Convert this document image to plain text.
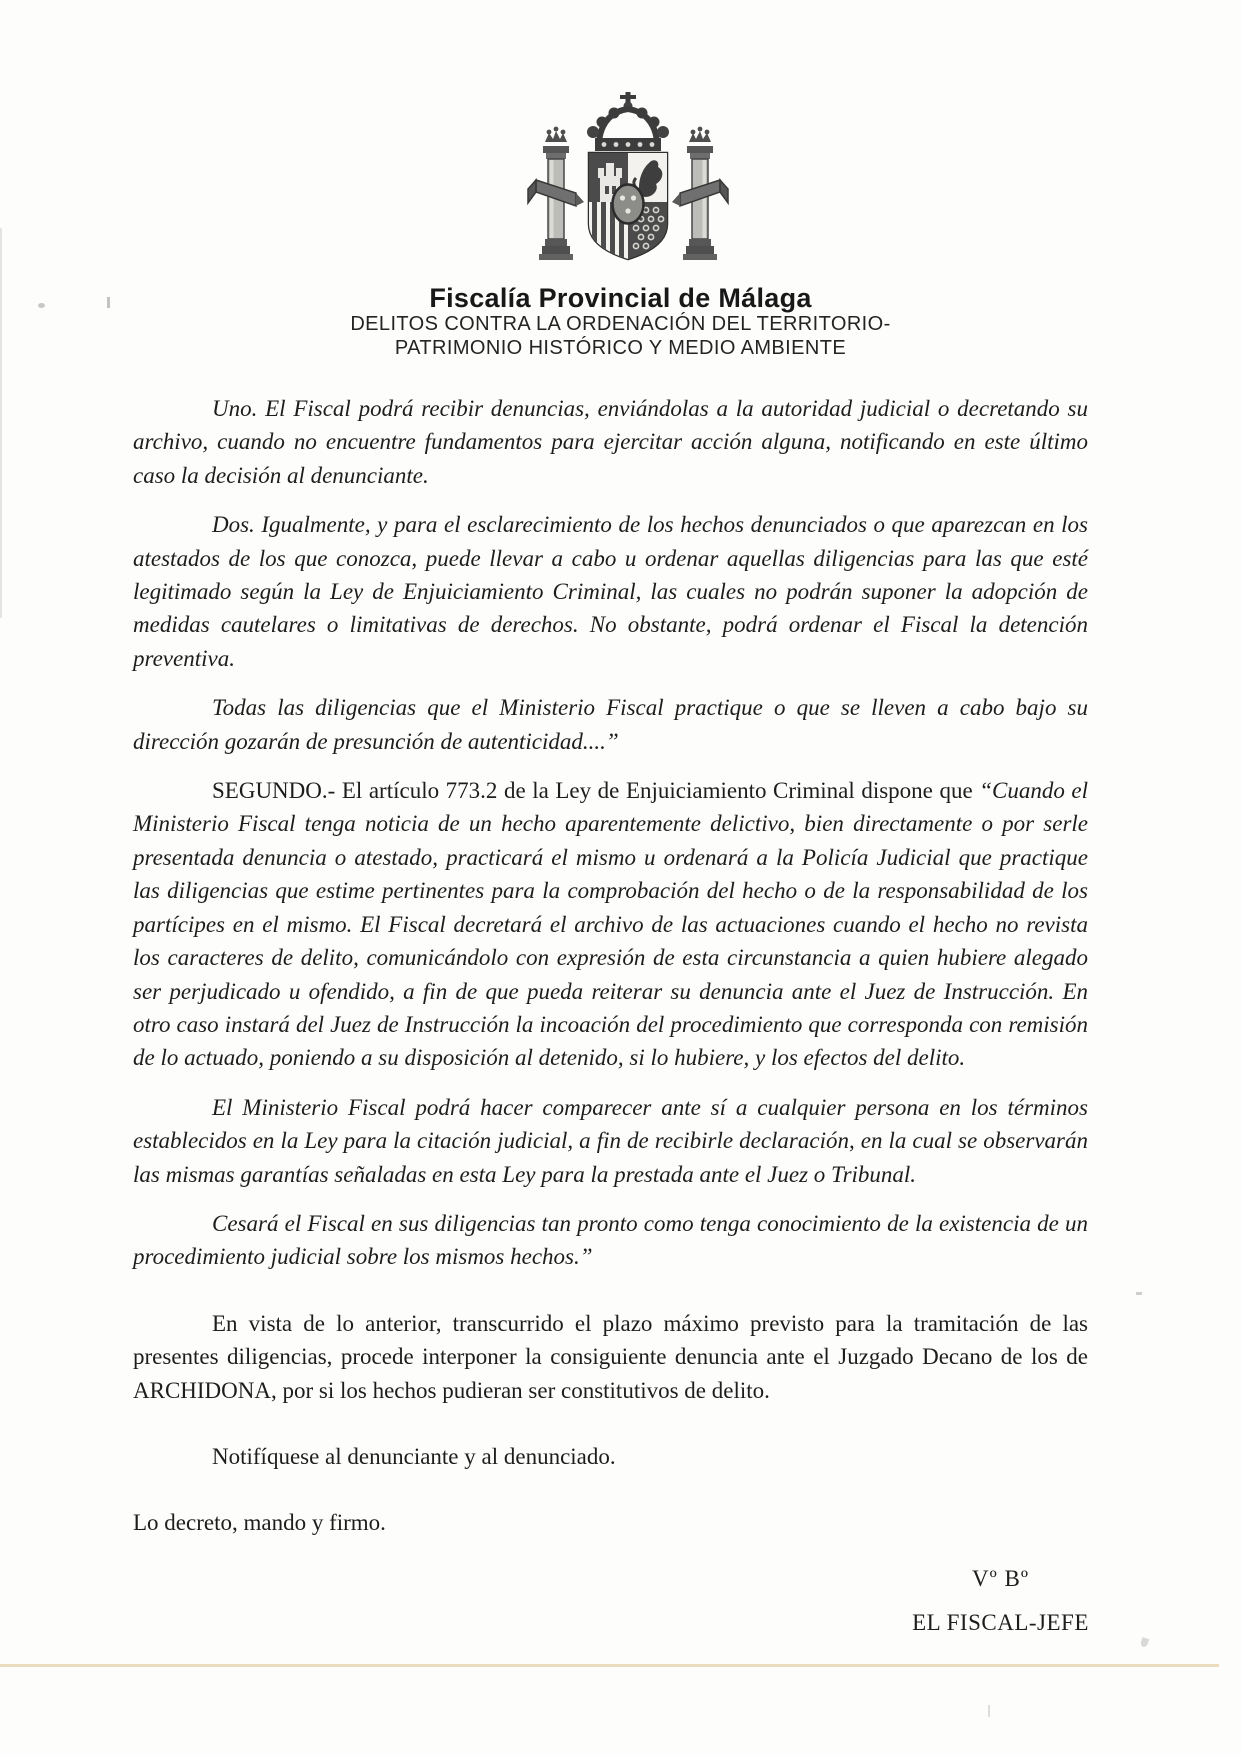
Fiscalía Provincial de Málaga
DELITOS CONTRA LA ORDENACIÓN DEL TERRITORIO-
PATRIMONIO HISTÓRICO Y MEDIO AMBIENTE

Uno. El Fiscal podrá recibir denuncias, enviándolas a la autoridad judicial o decretando su archivo, cuando no encuentre fundamentos para ejercitar acción alguna, notificando en este último caso la decisión al denunciante.

Dos. Igualmente, y para el esclarecimiento de los hechos denunciados o que aparezcan en los atestados de los que conozca, puede llevar a cabo u ordenar aquellas diligencias para las que esté legitimado según la Ley de Enjuiciamiento Criminal, las cuales no podrán suponer la adopción de medidas cautelares o limitativas de derechos. No obstante, podrá ordenar el Fiscal la detención preventiva.

Todas las diligencias que el Ministerio Fiscal practique o que se lleven a cabo bajo su dirección gozarán de presunción de autenticidad....”

SEGUNDO.- El artículo 773.2 de la Ley de Enjuiciamiento Criminal dispone que “Cuando el Ministerio Fiscal tenga noticia de un hecho aparentemente delictivo, bien directamente o por serle presentada denuncia o atestado, practicará el mismo u ordenará a la Policía Judicial que practique las diligencias que estime pertinentes para la comprobación del hecho o de la responsabilidad de los partícipes en el mismo. El Fiscal decretará el archivo de las actuaciones cuando el hecho no revista los caracteres de delito, comunicándolo con expresión de esta circunstancia a quien hubiere alegado ser perjudicado u ofendido, a fin de que pueda reiterar su denuncia ante el Juez de Instrucción. En otro caso instará del Juez de Instrucción la incoación del procedimiento que corresponda con remisión de lo actuado, poniendo a su disposición al detenido, si lo hubiere, y los efectos del delito.

El Ministerio Fiscal podrá hacer comparecer ante sí a cualquier persona en los términos establecidos en la Ley para la citación judicial, a fin de recibirle declaración, en la cual se observarán las mismas garantías señaladas en esta Ley para la prestada ante el Juez o Tribunal.

Cesará el Fiscal en sus diligencias tan pronto como tenga conocimiento de la existencia de un procedimiento judicial sobre los mismos hechos.”

En vista de lo anterior, transcurrido el plazo máximo previsto para la tramitación de las presentes diligencias, procede interponer la consiguiente denuncia ante el Juzgado Decano de los de ARCHIDONA, por si los hechos pudieran ser constitutivos de delito.

Notifíquese al denunciante y al denunciado.

Lo decreto, mando y firmo.

Vº Bº
EL FISCAL-JEFE
